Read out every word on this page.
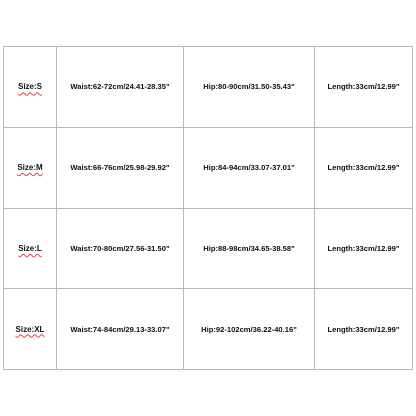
Size:S	Waist:62-72cm/24.41-28.35"	Hip:80-90cm/31.50-35.43"	Length:33cm/12.99"
Size:M	Waist:66-76cm/25.98-29.92"	Hip:84-94cm/33.07-37.01"	Length:33cm/12.99"
Size:L	Waist:70-80cm/27.56-31.50"	Hip:88-98cm/34.65-38.58"	Length:33cm/12.99"
Size:XL	Waist:74-84cm/29.13-33.07"	Hip:92-102cm/36.22-40.16"	Length:33cm/12.99"
